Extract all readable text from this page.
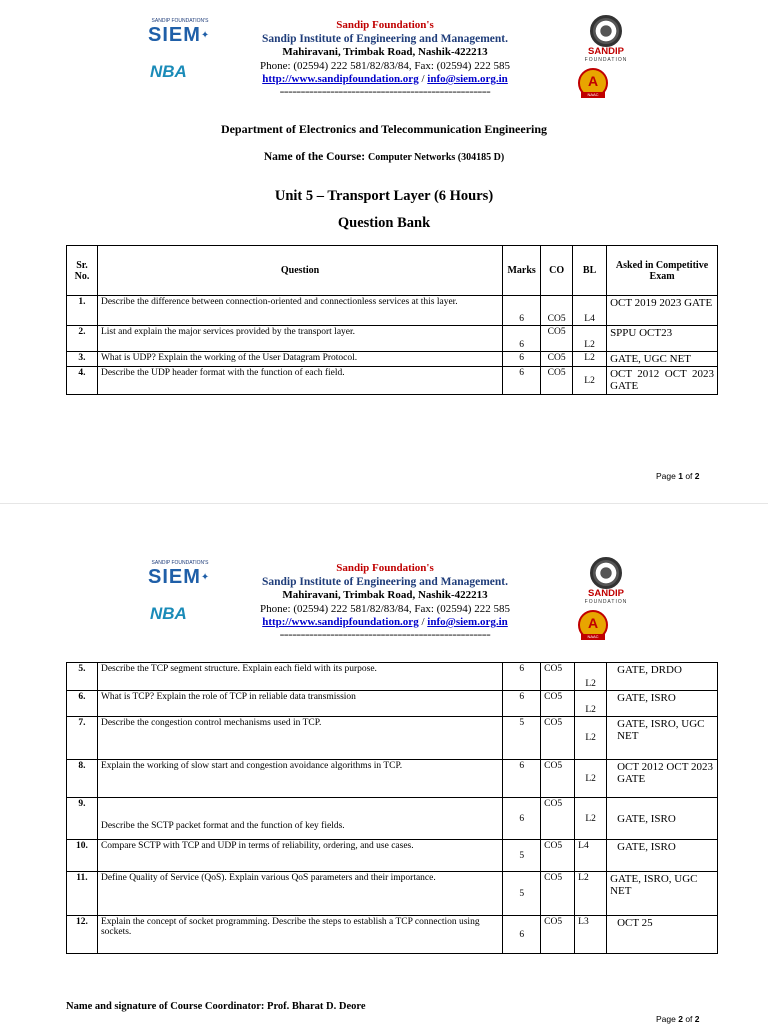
SANDIP FOUNDATION'S
SIEM ✦
NBA
Sandip Foundation's
Sandip Institute of Engineering and Management.
Mahiravani, Trimbak Road, Nashik-422213
Phone: (02594) 222 581/82/83/84, Fax: (02594) 222 585
http://www.sandipfoundation.org / info@siem.org.in
==================================================
SANDIP
FOUNDATION
A
NAAC
Department of Electronics and Telecommunication Engineering
Name of the Course: Computer Networks (304185 D)
Unit 5 – Transport Layer (6 Hours)
Question Bank
Sr. No.	Question	Marks	CO	BL	Asked in Competitive Exam
1.	Describe the difference between connection-oriented and connectionless services at this layer.	6	CO5	L4	OCT 2019 2023 GATE
2.	List and explain the major services provided by the transport layer.	6	CO5	L2	SPPU OCT23
3.	What is UDP? Explain the working of the User Datagram Protocol.	6	CO5	L2	GATE, UGC NET
4.	Describe the UDP header format with the function of each field.	6	CO5	L2	OCT 2012 OCT 2023 GATE
Page 1 of 2
SANDIP FOUNDATION'S
SIEM ✦
NBA
Sandip Foundation's
Sandip Institute of Engineering and Management.
Mahiravani, Trimbak Road, Nashik-422213
Phone: (02594) 222 581/82/83/84, Fax: (02594) 222 585
http://www.sandipfoundation.org / info@siem.org.in
==================================================
SANDIP
FOUNDATION
A
NAAC
5.	Describe the TCP segment structure. Explain each field with its purpose.	6	CO5	L2	GATE, DRDO
6.	What is TCP? Explain the role of TCP in reliable data transmission	6	CO5	L2	GATE, ISRO
7.	Describe the congestion control mechanisms used in TCP.	5	CO5	L2	GATE, ISRO, UGC NET
8.	Explain the working of slow start and congestion avoidance algorithms in TCP.	6	CO5	L2	OCT 2012 OCT 2023 GATE
9.	Describe the SCTP packet format and the function of key fields.	6	CO5	L2	GATE, ISRO
10.	Compare SCTP with TCP and UDP in terms of reliability, ordering, and use cases.	5	CO5	L4	GATE, ISRO
11.	Define Quality of Service (QoS). Explain various QoS parameters and their importance.	5	CO5	L2	GATE, ISRO, UGC NET
12.	Explain the concept of socket programming. Describe the steps to establish a TCP connection using sockets.	6	CO5	L3	OCT 25
Name and signature of Course Coordinator: Prof. Bharat D. Deore
Page 2 of 2
